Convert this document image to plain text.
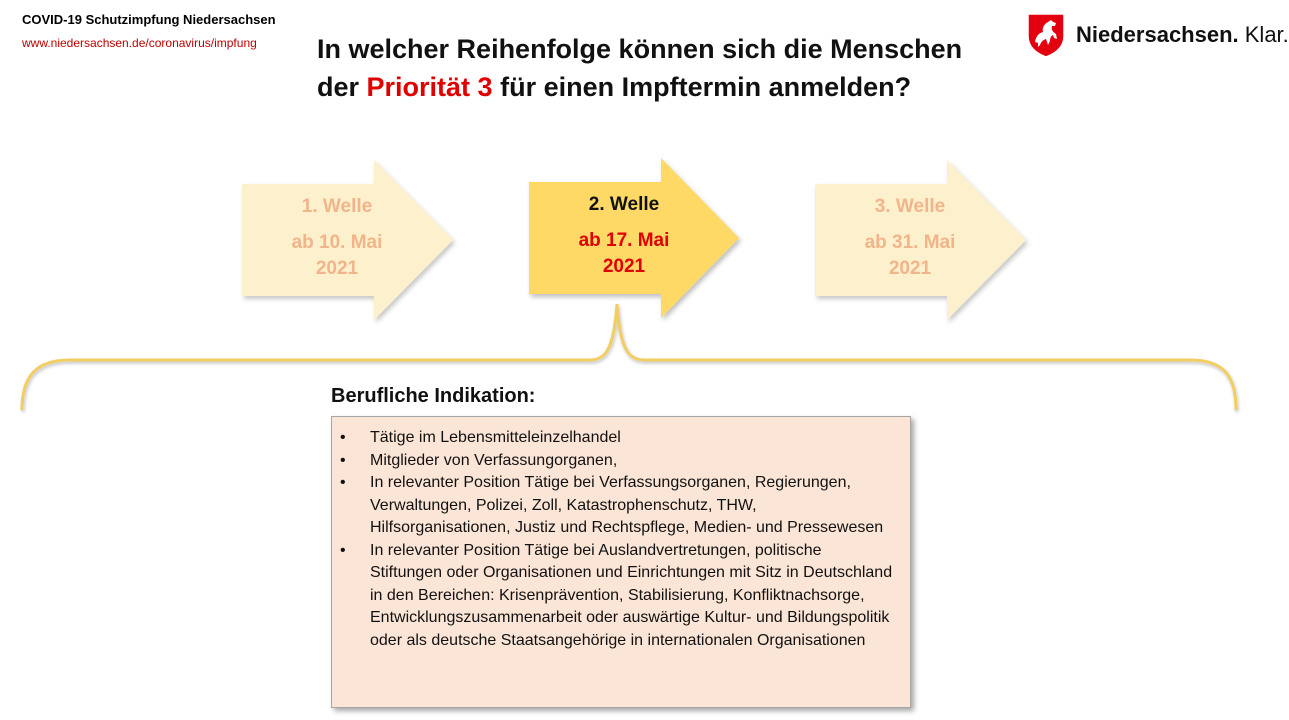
COVID-19 Schutzimpfung Niedersachsen
www.niedersachsen.de/coronavirus/impfung In welcher Reihenfolge können sich die Menschen
der Priorität 3 für einen Impftermin anmelden?
Niedersachsen. Klar.
1. Welle
ab 10. Mai
2021
2. Welle
ab 17. Mai
2021
3. Welle
ab 31. Mai
2021
Berufliche Indikation:
• Tätige im Lebensmitteleinzelhandel
• Mitglieder von Verfassungorganen,
• In relevanter Position Tätige bei Verfassungsorganen, Regierungen, Verwaltungen, Polizei, Zoll, Katastrophenschutz, THW, Hilfsorganisationen, Justiz und Rechtspflege, Medien- und Pressewesen
• In relevanter Position Tätige bei Auslandvertretungen, politische Stiftungen oder Organisationen und Einrichtungen mit Sitz in Deutschland in den Bereichen: Krisenprävention, Stabilisierung, Konfliktnachsorge, Entwicklungszusammenarbeit oder auswärtige Kultur- und Bildungspolitik oder als deutsche Staatsangehörige in internationalen Organisationen
